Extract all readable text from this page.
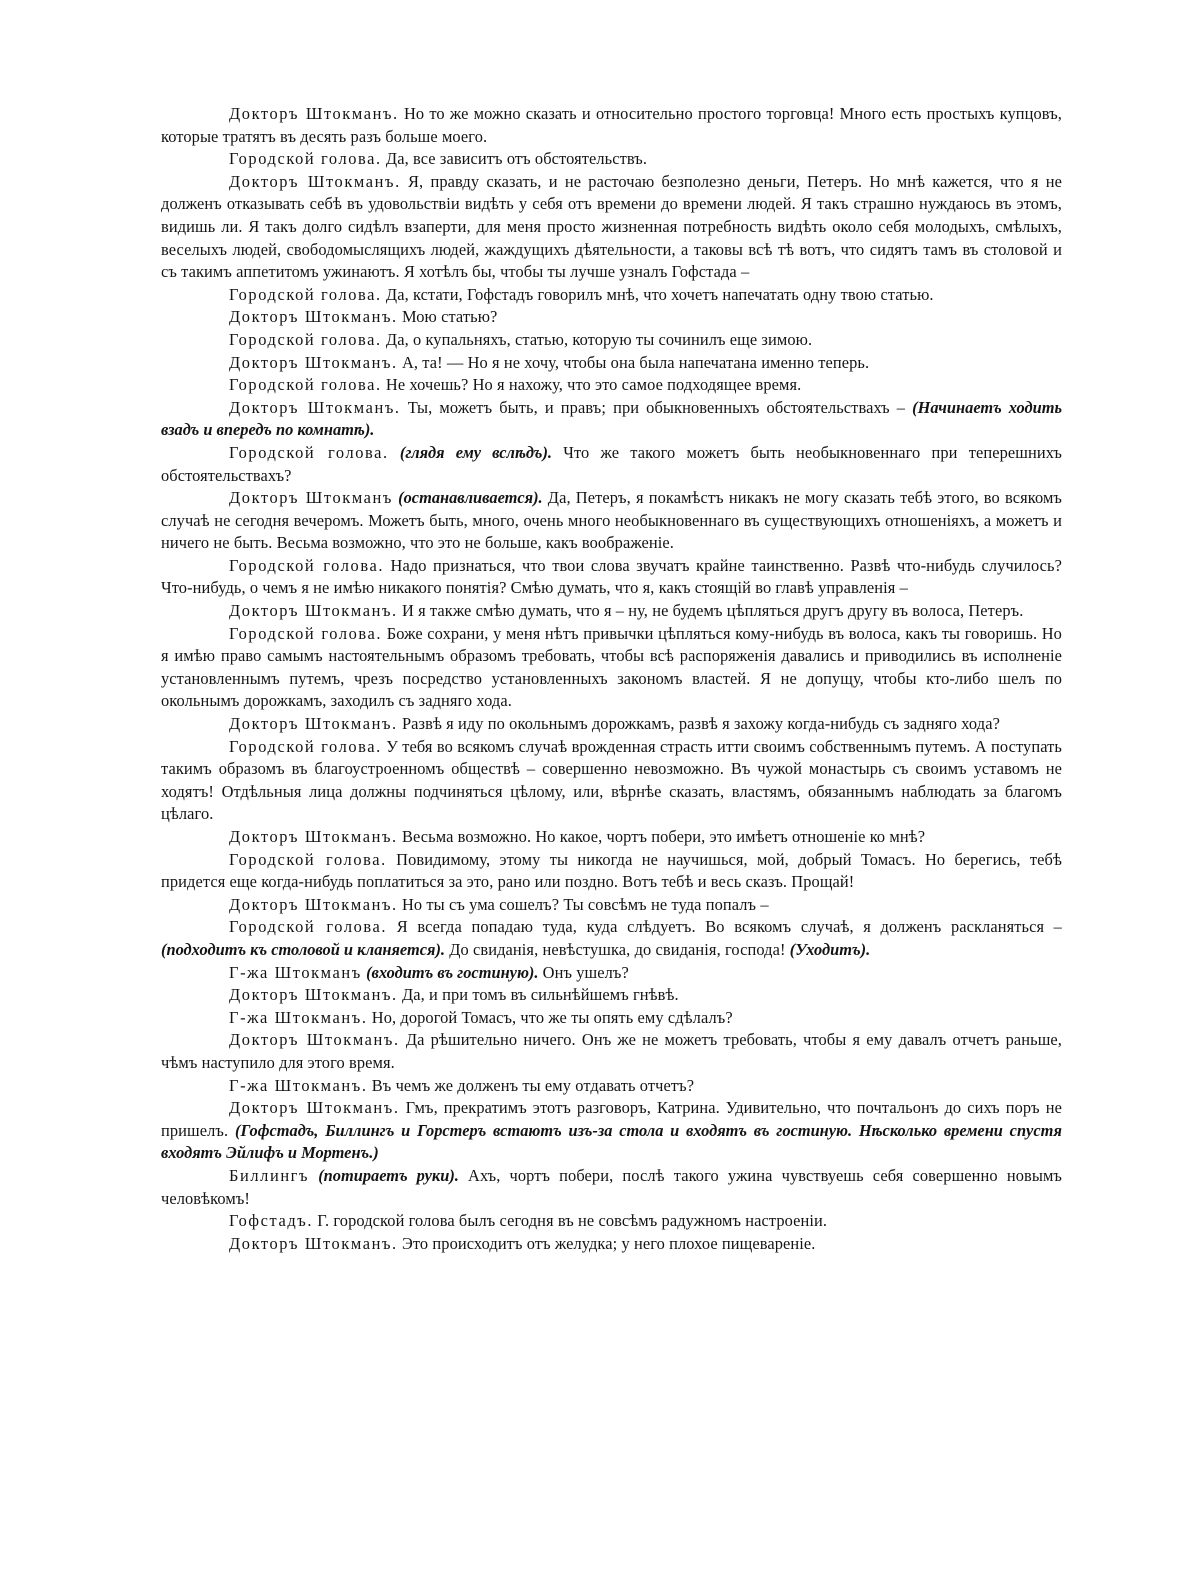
Докторъ Штокманъ. Но то же можно сказать и относительно простого торговца! Много есть простыхъ купцовъ, которые тратятъ въ десять разъ больше моего.

Городской голова. Да, все зависитъ отъ обстоятельствъ.

Докторъ Штокманъ. Я, правду сказать, и не расточаю безполезно деньги, Петеръ. Но мнѣ кажется, что я не долженъ отказывать себѣ въ удовольствіи видѣть у себя отъ времени до времени людей. Я такъ страшно нуждаюсь въ этомъ, видишь ли. Я такъ долго сидѣлъ взаперти, для меня просто жизненная потребность видѣть около себя молодыхъ, смѣлыхъ, веселыхъ людей, свободомыслящихъ людей, жаждущихъ дѣятельности, а таковы всѣ тѣ вотъ, что сидятъ тамъ въ столовой и съ такимъ аппетитомъ ужинаютъ. Я хотѣлъ бы, чтобы ты лучше узналъ Гофстада –

Городской голова. Да, кстати, Гофстадъ говорилъ мнѣ, что хочетъ напечатать одну твою статью.

Докторъ Штокманъ. Мою статью?

Городской голова. Да, о купальняхъ, статью, которую ты сочинилъ еще зимою.

Докторъ Штокманъ. А, та! — Но я не хочу, чтобы она была напечатана именно теперь.

Городской голова. Не хочешь? Но я нахожу, что это самое подходящее время.

Докторъ Штокманъ. Ты, можетъ быть, и правъ; при обыкновенныхъ обстоятельствахъ – (Начинаетъ ходить взадъ и впередъ по комнатѣ).

Городской голова. (глядя ему вслѣдъ). Что же такого можетъ быть необыкновеннаго при теперешнихъ обстоятельствахъ?

Докторъ Штокманъ (останавливается). Да, Петеръ, я покамѣстъ никакъ не могу сказать тебѣ этого, во всякомъ случаѣ не сегодня вечеромъ. Можетъ быть, много, очень много необыкновеннаго въ существующихъ отношеніяхъ, а можетъ и ничего не быть. Весьма возможно, что это не больше, какъ воображеніе.

Городской голова. Надо признаться, что твои слова звучатъ крайне таинственно. Развѣ что-нибудь случилось? Что-нибудь, о чемъ я не имѣю никакого понятія? Смѣю думать, что я, какъ стоящій во главѣ управленія –

Докторъ Штокманъ. И я также смѣю думать, что я – ну, не будемъ цѣпляться другъ другу въ волоса, Петеръ.

Городской голова. Боже сохрани, у меня нѣтъ привычки цѣпляться кому-нибудь въ волоса, какъ ты говоришь. Но я имѣю право самымъ настоятельнымъ образомъ требовать, чтобы всѣ распоряженія давались и приводились въ исполненіе установленнымъ путемъ, чрезъ посредство установленныхъ закономъ властей. Я не допущу, чтобы кто-либо шелъ по окольнымъ дорожкамъ, заходилъ съ задняго хода.

Докторъ Штокманъ. Развѣ я иду по окольнымъ дорожкамъ, развѣ я захожу когда-нибудь съ задняго хода?

Городской голова. У тебя во всякомъ случаѣ врожденная страсть итти своимъ собственнымъ путемъ. А поступать такимъ образомъ въ благоустроенномъ обществѣ – совершенно невозможно. Въ чужой монастырь съ своимъ уставомъ не ходятъ! Отдѣльныя лица должны подчиняться цѣлому, или, вѣрнѣе сказать, властямъ, обязаннымъ наблюдать за благомъ цѣлаго.

Докторъ Штокманъ. Весьма возможно. Но какое, чортъ побери, это имѣетъ отношеніе ко мнѣ?

Городской голова. Повидимому, этому ты никогда не научишься, мой, добрый Томасъ. Но берегись, тебѣ придется еще когда-нибудь поплатиться за это, рано или поздно. Вотъ тебѣ и весь сказъ. Прощай!

Докторъ Штокманъ. Но ты съ ума сошелъ? Ты совсѣмъ не туда попалъ –

Городской голова. Я всегда попадаю туда, куда слѣдуетъ. Во всякомъ случаѣ, я долженъ раскланяться – (подходитъ къ столовой и кланяется). До свиданія, невѣстушка, до свиданія, господа! (Уходитъ).

Г-жа Штокманъ (входитъ въ гостиную). Онъ ушелъ?

Докторъ Штокманъ. Да, и при томъ въ сильнѣйшемъ гнѣвѣ.

Г-жа Штокманъ. Но, дорогой Томасъ, что же ты опять ему сдѣлалъ?

Докторъ Штокманъ. Да рѣшительно ничего. Онъ же не можетъ требовать, чтобы я ему давалъ отчетъ раньше, чѣмъ наступило для этого время.

Г-жа Штокманъ. Въ чемъ же долженъ ты ему отдавать отчетъ?

Докторъ Штокманъ. Гмъ, прекратимъ этотъ разговоръ, Катрина. Удивительно, что почтальонъ до сихъ поръ не пришелъ. (Гофстадъ, Биллингъ и Горстеръ встаютъ изъ-за стола и входятъ въ гостиную. Нѣсколько времени спустя входятъ Эйлифъ и Мортенъ.)

Биллингъ (потираетъ руки). Ахъ, чортъ побери, послѣ такого ужина чувствуешь себя совершенно новымъ человѣкомъ!

Гофстадъ. Г. городской голова былъ сегодня въ не совсѣмъ радужномъ настроеніи.

Докторъ Штокманъ. Это происходитъ отъ желудка; у него плохое пищевареніе.
